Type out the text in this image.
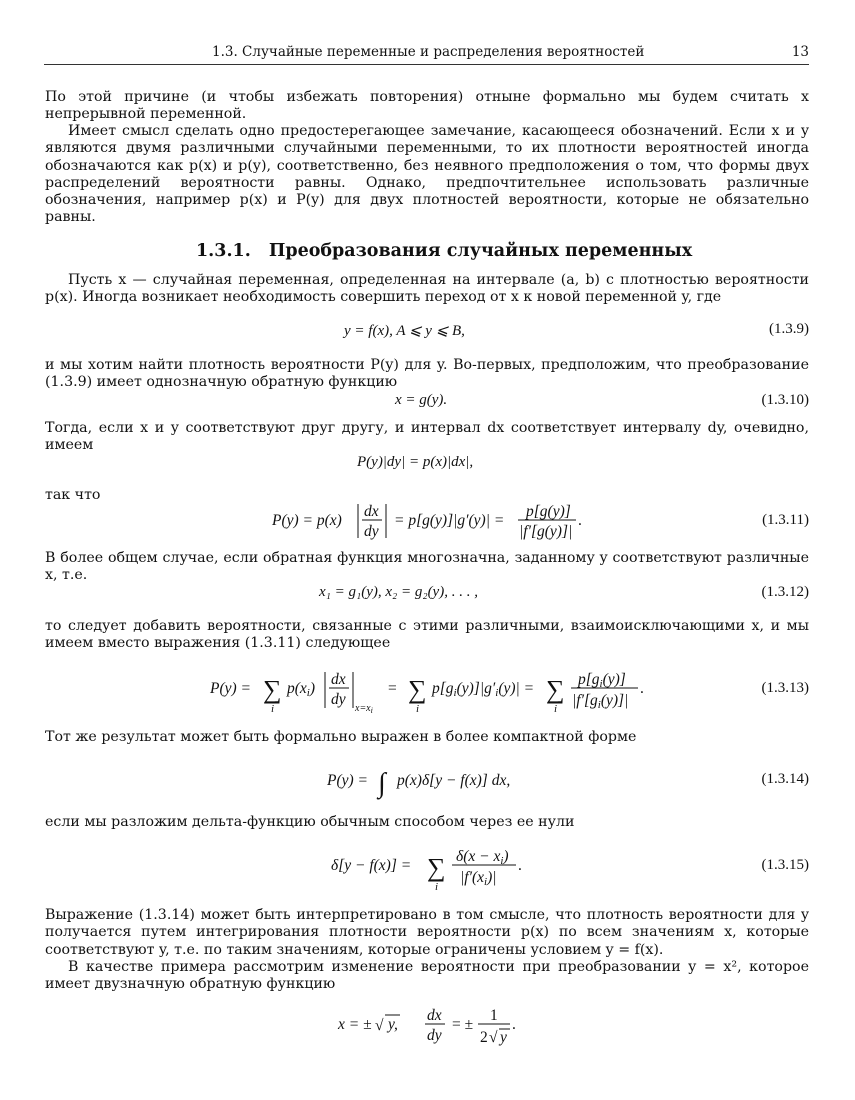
1.3. Случайные переменные и распределения вероятностей	13

По этой причине (и чтобы избежать повторения) отныне формально мы будем считать x непрерывной переменной.

Имеет смысл сделать одно предостерегающее замечание, касающееся обозначений. Если x и y являются двумя различными случайными переменными, то их плотности вероятностей иногда обозначаются как p(x) и p(y), соответственно, без неявного предположения о том, что формы двух распределений вероятности равны. Однако, предпочтительнее использовать различные обозначения, например p(x) и P(y) для двух плотностей вероятности, которые не обязательно равны.

1.3.1. Преобразования случайных переменных

Пусть x — случайная переменная, определенная на интервале (a, b) с плотностью вероятности p(x). Иногда возникает необходимость совершить переход от x к новой переменной y, где

y = f(x), A ⩽ y ⩽ B,	(1.3.9)

и мы хотим найти плотность вероятности P(y) для y. Во-первых, предположим, что преобразование (1.3.9) имеет однозначную обратную функцию

x = g(y).	(1.3.10)

Тогда, если x и y соответствуют друг другу, и интервал dx соответствует интервалу dy, очевидно, имеем

P(y)|dy| = p(x)|dx|,

так что

P(y) = p(x)
dx
dy
= p[g(y)]|g′(y)| =
p[g(y)]
|f′[g(y)]|
.	(1.3.11)

В более общем случае, если обратная функция многозначна, заданному y соответствуют различные x, т.е.

x₁ = g₁(y), x₂ = g₂(y), . . . ,	(1.3.12)

то следует добавить вероятности, связанные с этими различными, взаимоисключающими x, и мы имеем вместо выражения (1.3.11) следующее

P(y) = ∑
i
p(xi)
dx
dy
$x=x_i$
= ∑
i
p[gi(y)]|g′i(y)| = ∑
i
p[gi(y)]
|f′[gi(y)]|
.	(1.3.13)

Тот же результат может быть формально выражен в более компактной форме

P(y) = ∫ p(x)δ[y − f(x)] dx,	(1.3.14)

если мы разложим дельта-функцию обычным способом через ее нули

δ[y − f(x)] = ∑
i
δ(x − xi)
|f′(xi)|
.	(1.3.15)

Выражение (1.3.14) может быть интерпретировано в том смысле, что плотность вероятности для y получается путем интегрирования плотности вероятности p(x) по всем значениям x, которые соответствуют y, т.е. по таким значениям, которые ограничены условием y = f(x).

В качестве примера рассмотрим изменение вероятности при преобразовании y = x², которое имеет двузначную обратную функцию

x = ± √ y,
dx
dy
= ±
1
2 √ y
.
